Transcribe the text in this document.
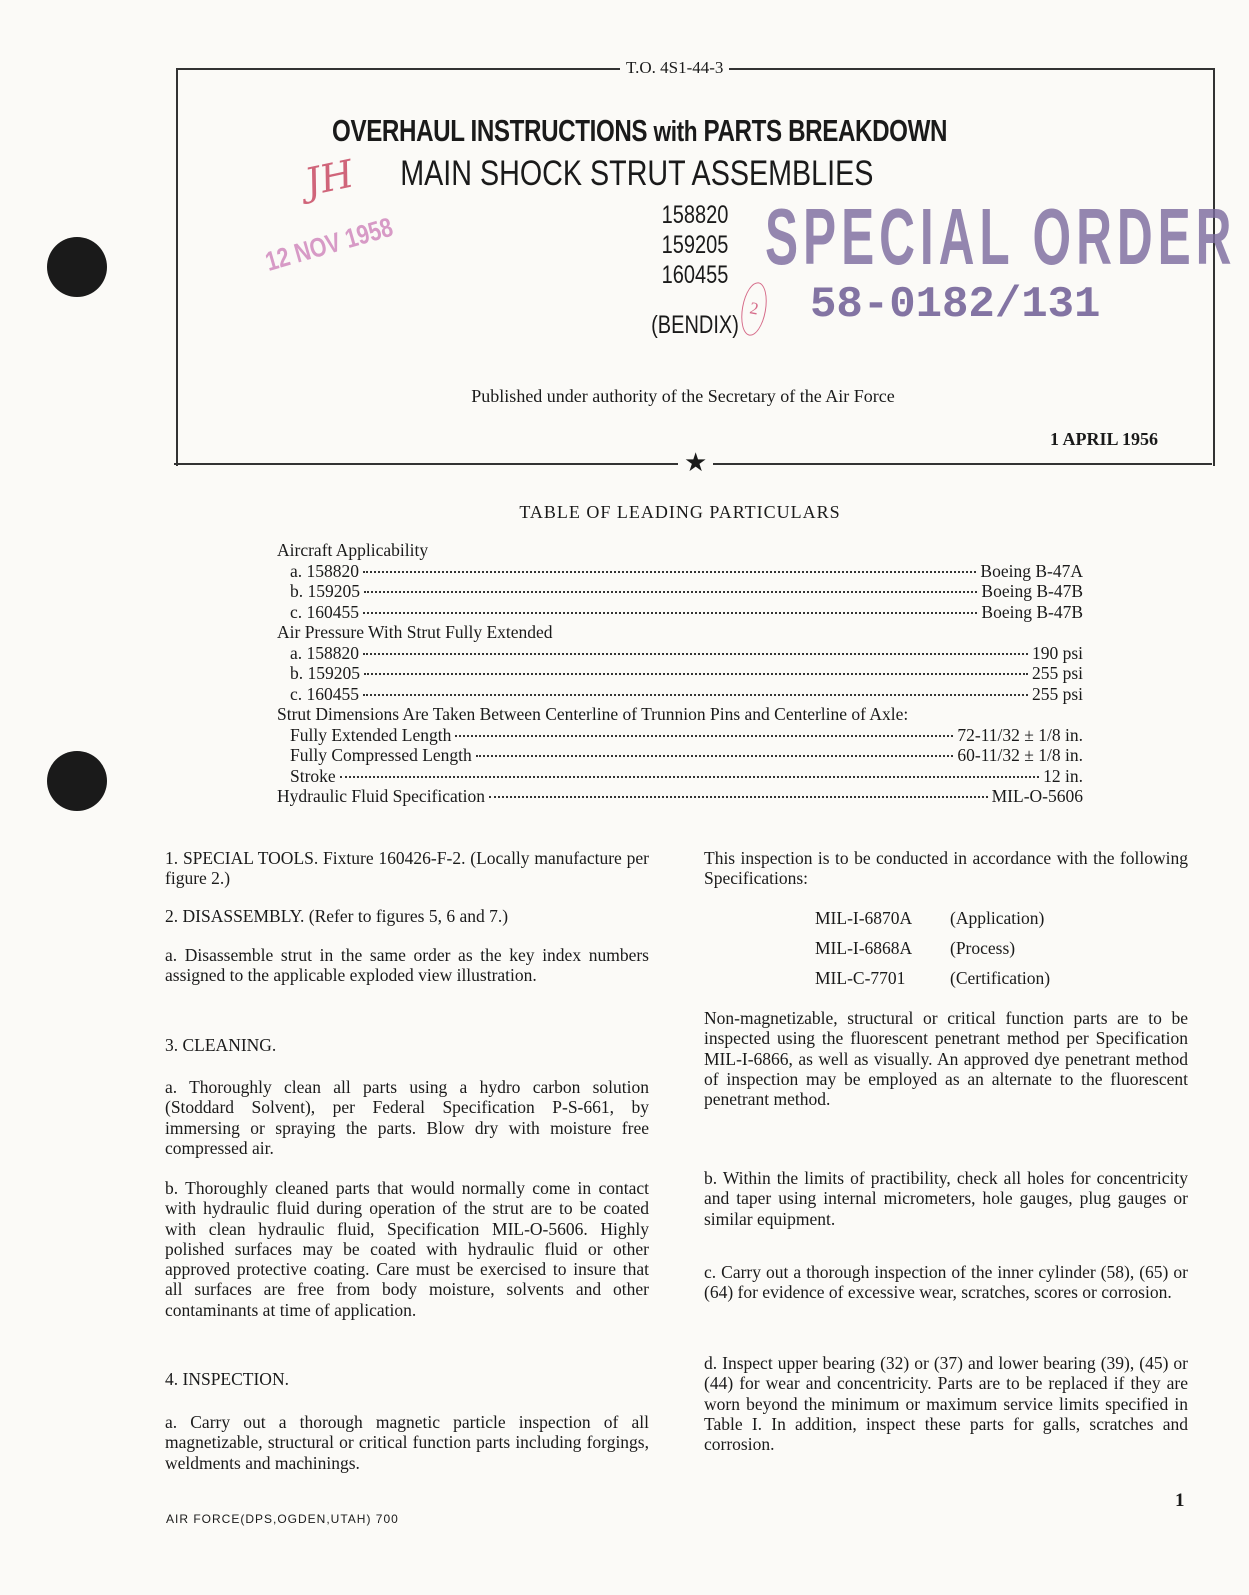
T.O. 4S1-44-3
★
OVERHAUL INSTRUCTIONS with PARTS BREAKDOWN
MAIN SHOCK STRUT ASSEMBLIES
158820
159205
160455
(BENDIX)
SPECIAL ORDER
58-0182/131
12 NOV 1958
JH
2
Published under authority of the Secretary of the Air Force
1 APRIL 1956
TABLE OF LEADING PARTICULARS
Aircraft Applicability
a. 158820	Boeing B-47A
b. 159205	Boeing B-47B
c. 160455	Boeing B-47B
Air Pressure With Strut Fully Extended
a. 158820	190 psi
b. 159205	255 psi
c. 160455	255 psi
Strut Dimensions Are Taken Between Centerline of Trunnion Pins and Centerline of Axle:
Fully Extended Length	72-11/32 ± 1/8 in.
Fully Compressed Length	60-11/32 ± 1/8 in.
Stroke	12 in.
Hydraulic Fluid Specification	MIL-O-5606
1. SPECIAL TOOLS. Fixture 160426-F-2. (Locally manufacture per figure 2.)
2. DISASSEMBLY. (Refer to figures 5, 6 and 7.)
a. Disassemble strut in the same order as the key index numbers assigned to the applicable exploded view illustration.
3. CLEANING.
a. Thoroughly clean all parts using a hydro carbon solution (Stoddard Solvent), per Federal Specification P-S-661, by immersing or spraying the parts. Blow dry with moisture free compressed air.
b. Thoroughly cleaned parts that would normally come in contact with hydraulic fluid during operation of the strut are to be coated with clean hydraulic fluid, Specification MIL-O-5606. Highly polished surfaces may be coated with hydraulic fluid or other approved protective coating. Care must be exercised to insure that all surfaces are free from body moisture, solvents and other contaminants at time of application.
4. INSPECTION.
a. Carry out a thorough magnetic particle inspection of all magnetizable, structural or critical function parts including forgings, weldments and machinings.
This inspection is to be conducted in accordance with the following Specifications:
MIL-I-6870A	(Application)
MIL-I-6868A	(Process)
MIL-C-7701	(Certification)
Non-magnetizable, structural or critical function parts are to be inspected using the fluorescent penetrant method per Specification MIL-I-6866, as well as visually. An approved dye penetrant method of inspection may be employed as an alternate to the fluorescent penetrant method.
b. Within the limits of practibility, check all holes for concentricity and taper using internal micrometers, hole gauges, plug gauges or similar equipment.
c. Carry out a thorough inspection of the inner cylinder (58), (65) or (64) for evidence of excessive wear, scratches, scores or corrosion.
d. Inspect upper bearing (32) or (37) and lower bearing (39), (45) or (44) for wear and concentricity. Parts are to be replaced if they are worn beyond the minimum or maximum service limits specified in Table I. In addition, inspect these parts for galls, scratches and corrosion.
1
AIR FORCE(DPS,OGDEN,UTAH) 700
